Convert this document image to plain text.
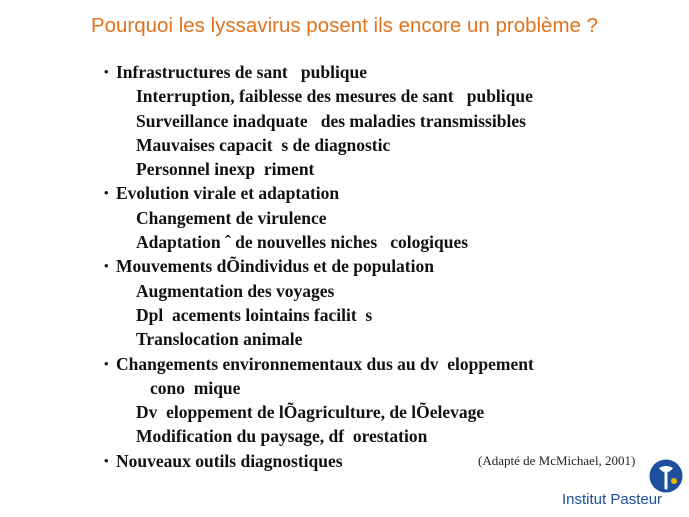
Pourquoi les lyssavirus posent ils encore un problème ?
• Infrastructures de sant   publique
Interruption, faiblesse des mesures de sant   publique
Surveillance inadquate   des maladies transmissibles
Mauvaises capacit  s de diagnostic
Personnel inexp  riment
• Evolution virale et adaptation
Changement de virulence
Adaptation ˆ de nouvelles niches   cologiques
• Mouvements dÕindividus et de population
Augmentation des voyages
Dpl  acements lointains facilit  s
Translocation animale
• Changements environnementaux dus au dv  eloppement
cono  mique
Dv  eloppement de lÕagriculture, de lÕelevage
Modification du paysage, df  orestation
• Nouveaux outils diagnostiques	(Adapté de McMichael, 2001)
Institut Pasteur
